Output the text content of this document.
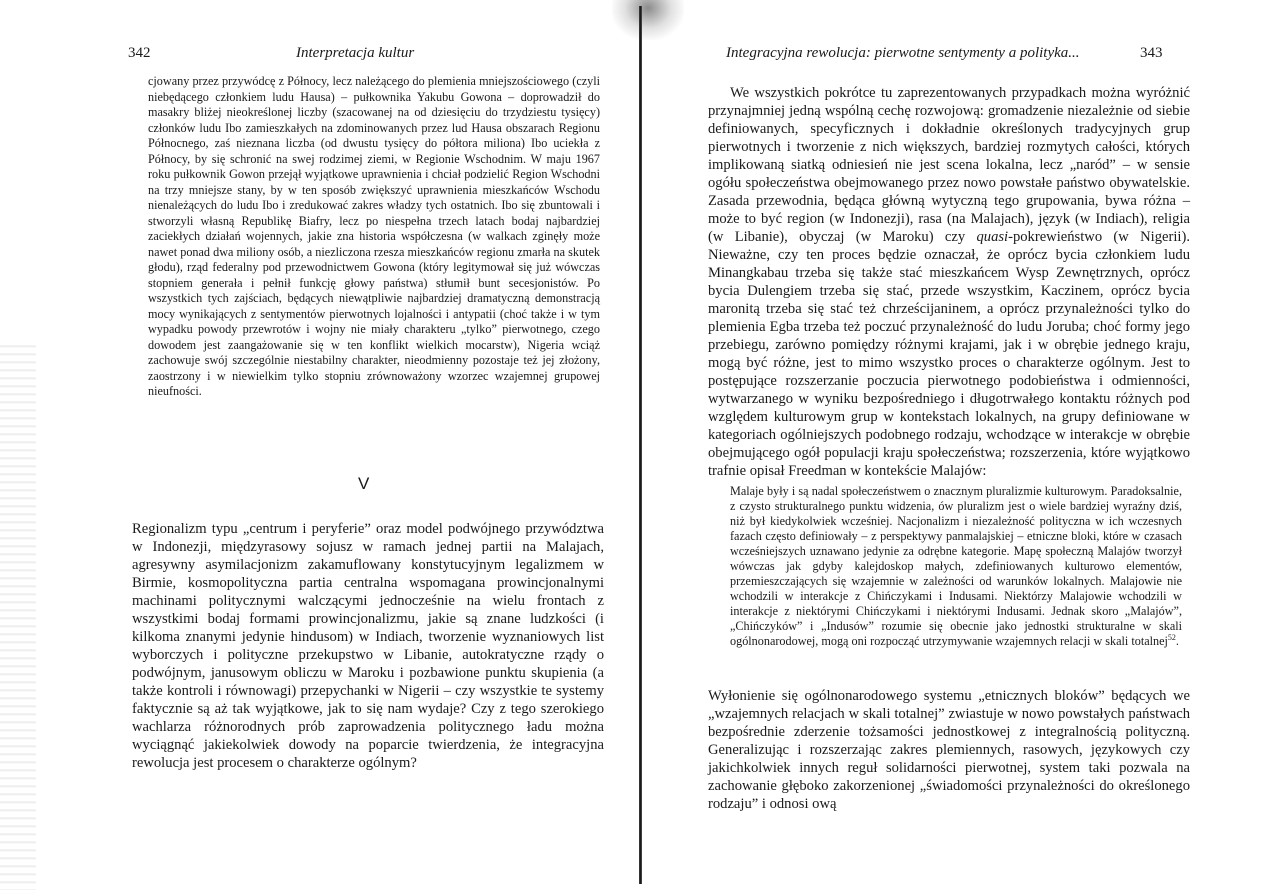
342	Interpretacja kultur

cjowany przez przywódcę z Północy, lecz należącego do plemienia mniejszościowego (czyli niebędącego członkiem ludu Hausa) – pułkownika Yakubu Gowona – doprowadził do masakry bliżej nieokreślonej liczby (szacowanej na od dziesięciu do trzydziestu tysięcy) członków ludu Ibo zamieszkałych na zdominowanych przez lud Hausa obszarach Regionu Północnego, zaś nieznana liczba (od dwustu tysięcy do półtora miliona) Ibo uciekła z Północy, by się schronić na swej rodzimej ziemi, w Regionie Wschodnim. W maju 1967 roku pułkownik Gowon przejął wyjątkowe uprawnienia i chciał podzielić Region Wschodni na trzy mniejsze stany, by w ten sposób zwiększyć uprawnienia mieszkańców Wschodu nienależących do ludu Ibo i zredukować zakres władzy tych ostatnich. Ibo się zbuntowali i stworzyli własną Republikę Biafry, lecz po niespełna trzech latach bodaj najbardziej zaciekłych działań wojennych, jakie zna historia współczesna (w walkach zginęły może nawet ponad dwa miliony osób, a niezliczona rzesza mieszkańców regionu zmarła na skutek głodu), rząd federalny pod przewodnictwem Gowona (który legitymował się już wówczas stopniem generała i pełnił funkcję głowy państwa) stłumił bunt secesjonistów. Po wszystkich tych zajściach, będących niewątpliwie najbardziej dramatyczną demonstracją mocy wynikających z sentymentów pierwotnych lojalności i antypatii (choć także i w tym wypadku powody przewrotów i wojny nie miały charakteru „tylko” pierwotnego, czego dowodem jest zaangażowanie się w ten konflikt wielkich mocarstw), Nigeria wciąż zachowuje swój szczególnie niestabilny charakter, nieodmienny pozostaje też jej złożony, zaostrzony i w niewielkim tylko stopniu zrównoważony wzorzec wzajemnej grupowej nieufności.

V

Regionalizm typu „centrum i peryferie” oraz model podwójnego przywództwa w Indonezji, międzyrasowy sojusz w ramach jednej partii na Malajach, agresywny asymilacjonizm zakamuflowany konstytucyjnym legalizmem w Birmie, kosmopolityczna partia centralna wspomagana prowincjonalnymi machinami politycznymi walczącymi jednocześnie na wielu frontach z wszystkimi bodaj formami prowincjonalizmu, jakie są znane ludzkości (i kilkoma znanymi jedynie hindusom) w Indiach, tworzenie wyznaniowych list wyborczych i polityczne przekupstwo w Libanie, autokratyczne rządy o podwójnym, janusowym obliczu w Maroku i pozbawione punktu skupienia (a także kontroli i równowagi) przepychanki w Nigerii – czy wszystkie te systemy faktycznie są aż tak wyjątkowe, jak to się nam wydaje? Czy z tego szerokiego wachlarza różnorodnych prób zaprowadzenia politycznego ładu można wyciągnąć jakiekolwiek dowody na poparcie twierdzenia, że integracyjna rewolucja jest procesem o charakterze ogólnym?

Integracyjna rewolucja: pierwotne sentymenty a polityka...	343

We wszystkich pokrótce tu zaprezentowanych przypadkach można wyróżnić przynajmniej jedną wspólną cechę rozwojową: gromadzenie niezależnie od siebie definiowanych, specyficznych i dokładnie określonych tradycyjnych grup pierwotnych i tworzenie z nich większych, bardziej rozmytych całości, których implikowaną siatką odniesień nie jest scena lokalna, lecz „naród” – w sensie ogółu społeczeństwa obejmowanego przez nowo powstałe państwo obywatelskie. Zasada przewodnia, będąca główną wytyczną tego grupowania, bywa różna – może to być region (w Indonezji), rasa (na Malajach), język (w Indiach), religia (w Libanie), obyczaj (w Maroku) czy quasi-pokrewieństwo (w Nigerii). Nieważne, czy ten proces będzie oznaczał, że oprócz bycia członkiem ludu Minangkabau trzeba się także stać mieszkańcem Wysp Zewnętrznych, oprócz bycia Dulengiem trzeba się stać, przede wszystkim, Kaczinem, oprócz bycia maronitą trzeba się stać też chrześcijaninem, a oprócz przynależności tylko do plemienia Egba trzeba też poczuć przynależność do ludu Joruba; choć formy jego przebiegu, zarówno pomiędzy różnymi krajami, jak i w obrębie jednego kraju, mogą być różne, jest to mimo wszystko proces o charakterze ogólnym. Jest to postępujące rozszerzanie poczucia pierwotnego podobieństwa i odmienności, wytwarzanego w wyniku bezpośredniego i długotrwałego kontaktu różnych pod względem kulturowym grup w kontekstach lokalnych, na grupy definiowane w kategoriach ogólniejszych podobnego rodzaju, wchodzące w interakcje w obrębie obejmującego ogół populacji kraju społeczeństwa; rozszerzenia, które wyjątkowo trafnie opisał Freedman w kontekście Malajów:

Malaje były i są nadal społeczeństwem o znacznym pluralizmie kulturowym. Paradoksalnie, z czysto strukturalnego punktu widzenia, ów pluralizm jest o wiele bardziej wyraźny dziś, niż był kiedykolwiek wcześniej. Nacjonalizm i niezależność polityczna w ich wczesnych fazach często definiowały – z perspektywy panmalajskiej – etniczne bloki, które w czasach wcześniejszych uznawano jedynie za odrębne kategorie. Mapę społeczną Malajów tworzył wówczas jak gdyby kalejdoskop małych, zdefiniowanych kulturowo elementów, przemieszczających się wzajemnie w zależności od warunków lokalnych. Malajowie nie wchodzili w interakcje z Chińczykami i Indusami. Niektórzy Malajowie wchodzili w interakcje z niektórymi Chińczykami i niektórymi Indusami. Jednak skoro „Malajów”, „Chińczyków” i „Indusów” rozumie się obecnie jako jednostki strukturalne w skali ogólnonarodowej, mogą oni rozpocząć utrzymywanie wzajemnych relacji w skali totalnej$^{52}$.

Wyłonienie się ogólnonarodowego systemu „etnicznych bloków” będących we „wzajemnych relacjach w skali totalnej” zwiastuje w nowo powstałych państwach bezpośrednie zderzenie tożsamości jednostkowej z integralnością polityczną. Generalizując i rozszerzając zakres plemiennych, rasowych, językowych czy jakichkolwiek innych reguł solidarności pierwotnej, system taki pozwala na zachowanie głęboko zakorzenionej „świadomości przynależności do określonego rodzaju” i odnosi ową
